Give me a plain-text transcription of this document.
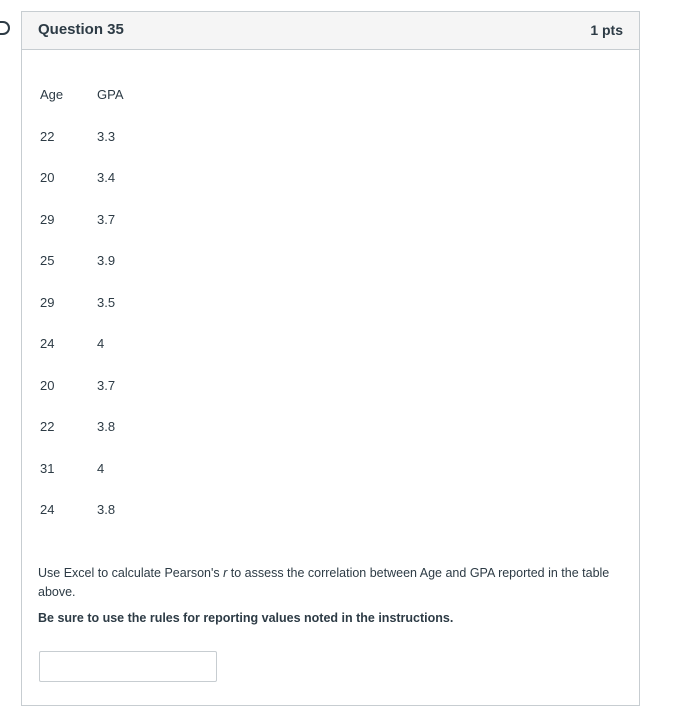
Question 35	1 pts
Age	GPA
22	3.3
20	3.4
29	3.7
25	3.9
29	3.5
24	4
20	3.7
22	3.8
31	4
24	3.8
Use Excel to calculate Pearson's r to assess the correlation between Age and GPA reported in the table above.
Be sure to use the rules for reporting values noted in the instructions.
